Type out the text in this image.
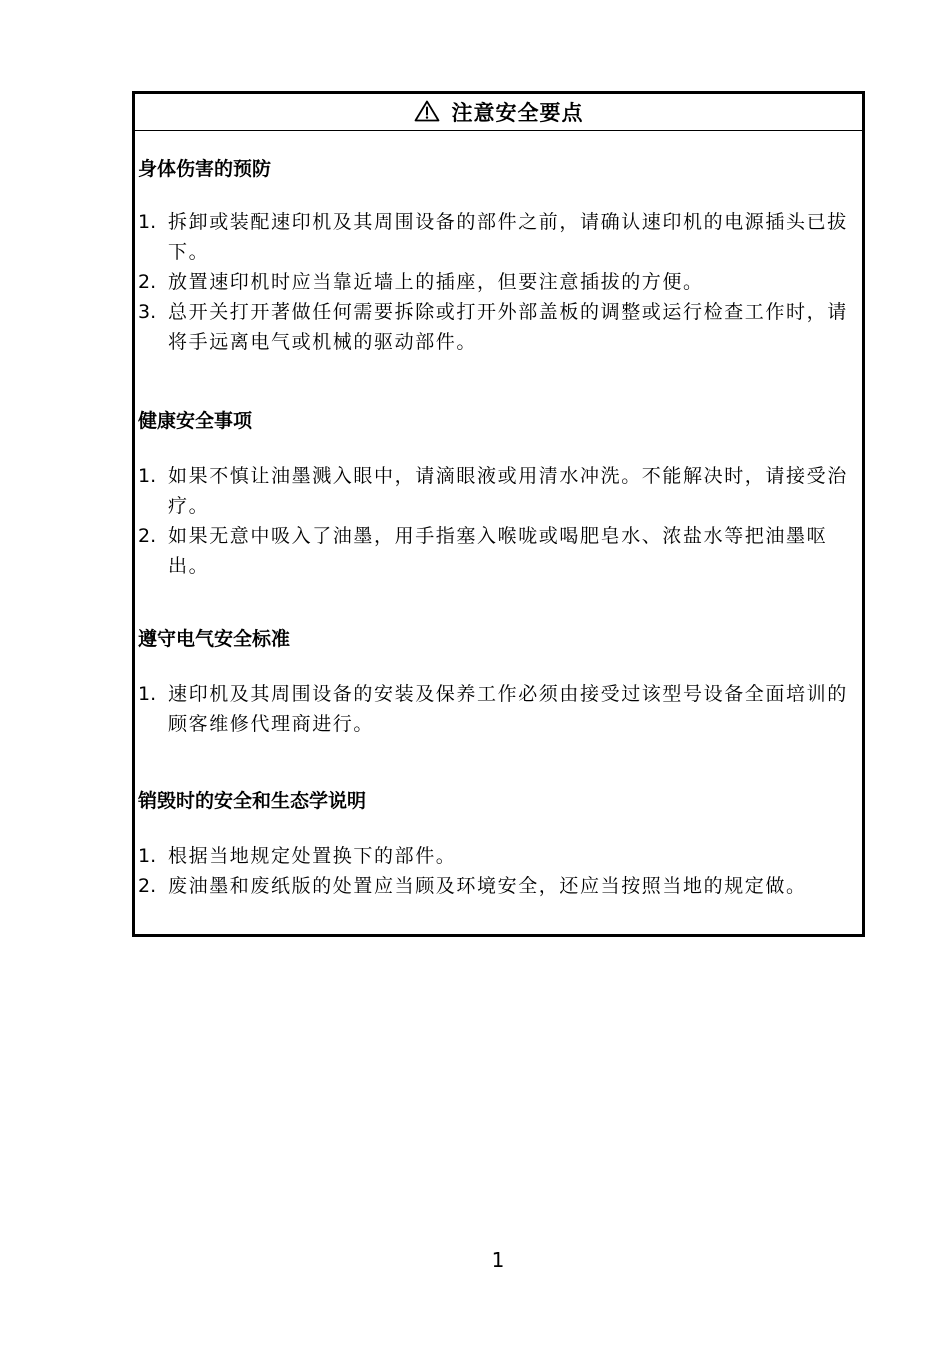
注意安全要点
身体伤害的预防
1. 拆卸或装配速印机及其周围设备的部件之前，请确认速印机的电源插头已拔下。
2. 放置速印机时应当靠近墙上的插座，但要注意插拔的方便。
3. 总开关打开著做任何需要拆除或打开外部盖板的调整或运行检查工作时，请将手远离电气或机械的驱动部件。
健康安全事项
1. 如果不慎让油墨溅入眼中，请滴眼液或用清水冲洗。不能解决时，请接受治疗。
2. 如果无意中吸入了油墨，用手指塞入喉咙或喝肥皂水、浓盐水等把油墨呕出。
遵守电气安全标准
1. 速印机及其周围设备的安装及保养工作必须由接受过该型号设备全面培训的顾客维修代理商进行。
销毁时的安全和生态学说明
1. 根据当地规定处置换下的部件。
2. 废油墨和废纸版的处置应当顾及环境安全，还应当按照当地的规定做。
1
